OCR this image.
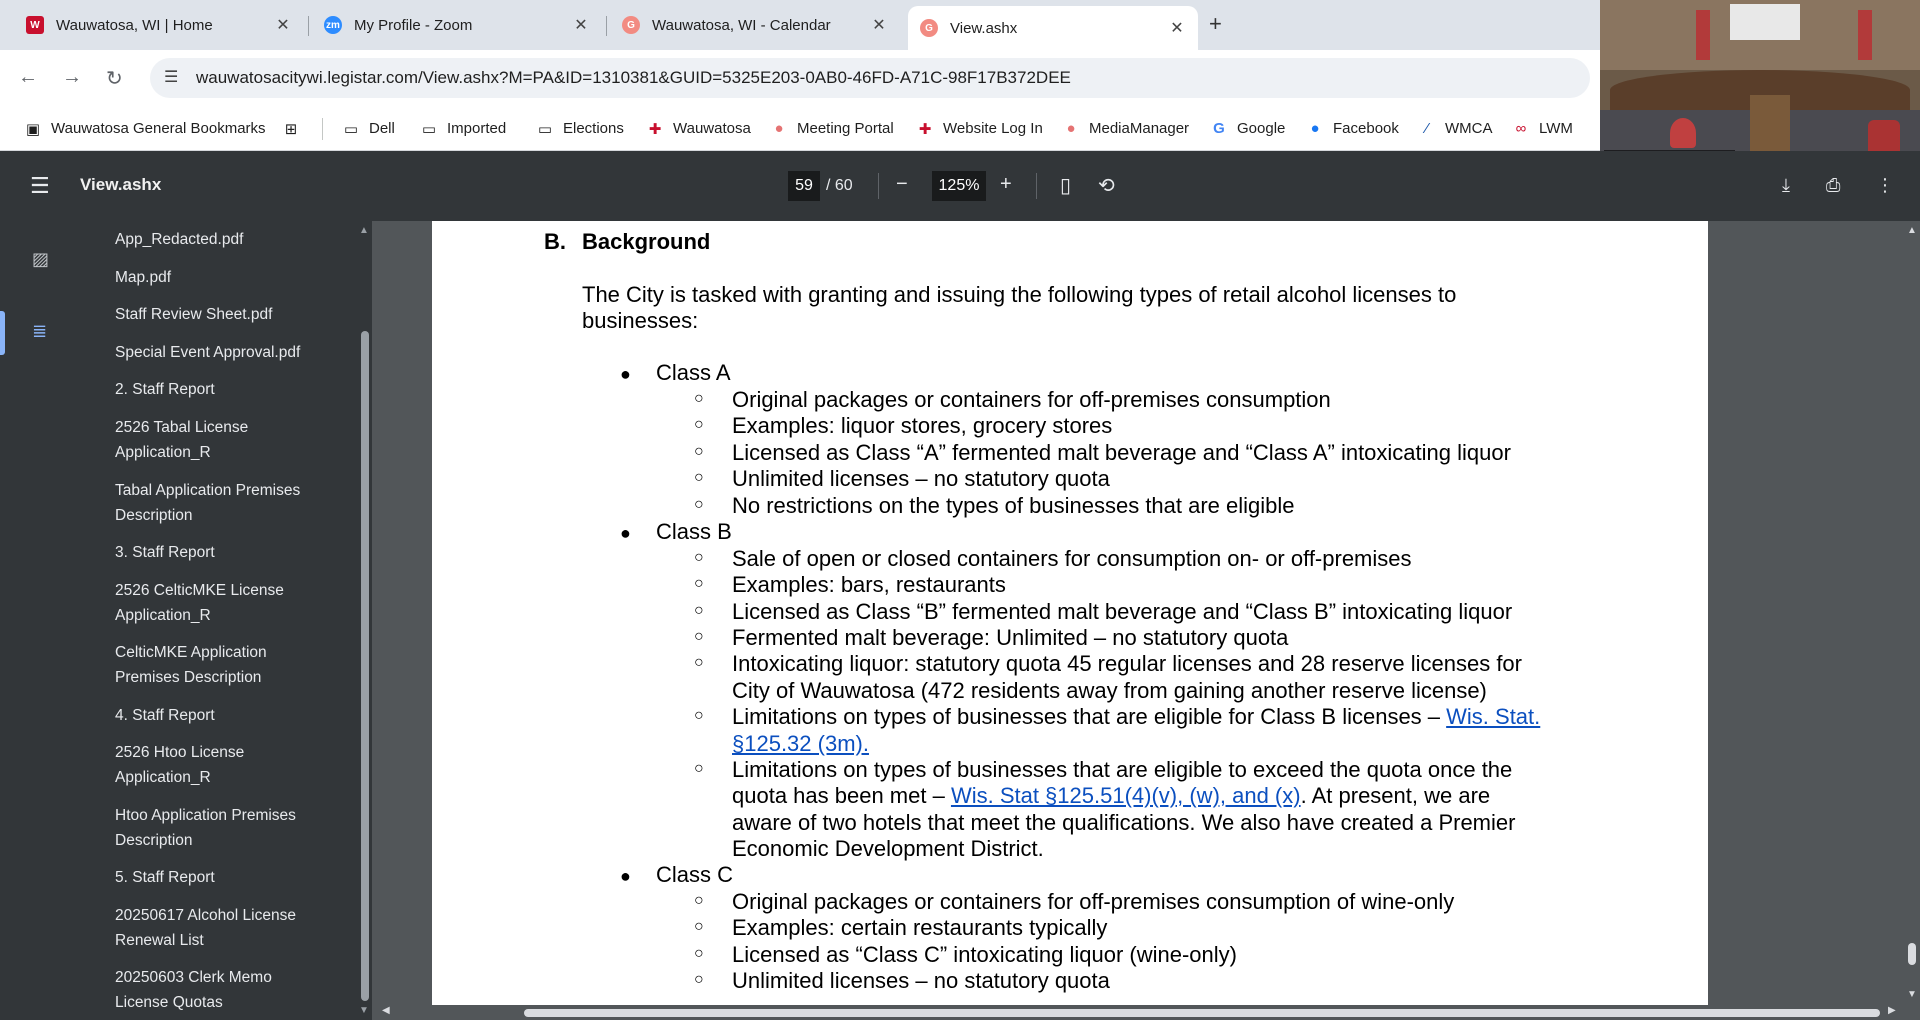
W Wauwatosa, WI | Home	✕	zm My Profile - Zoom	✕	G	Wauwatosa, WI - Calendar	✕	G	View.ashx	✕ +
← → ↻	☰ wauwatosacitywi.legistar.com/View.ashx?M=PA&ID=1310381&GUID=5325E203-0AB0-46FD-A71C-98F17B372DEE
▣ Wauwatosa General Bookmarks ⊞	▭ Dell ▭ Imported ▭ Elections ✚ Wauwatosa ● Meeting Portal ✚ Website Log In ● MediaManager G Google ● Facebook	⁄	WMCA ∞ LWM
☰ View.ashx	59 / 60 −	125%	+ ▯ ⟲	⤓ ⎙ ⋮
▨
≣
App_Redacted.pdf
Map.pdf
Staff Review Sheet.pdf
Special Event Approval.pdf
2. Staff Report
2526 Tabal License Application_R
Tabal Application Premises Description
3. Staff Report
2526 CelticMKE License Application_R
CelticMKE Application Premises Description
4. Staff Report
2526 Htoo License Application_R
Htoo Application Premises Description
5. Staff Report
20250617 Alcohol License Renewal List
20250603 Clerk Memo License Quotas
▲
▼
B. Background
The City is tasked with granting and issuing the following types of retail alcohol licenses to
businesses:
● Class A
○ Original packages or containers for off-premises consumption
○ Examples: liquor stores, grocery stores
○ Licensed as Class “A” fermented malt beverage and “Class A” intoxicating liquor
○ Unlimited licenses – no statutory quota
○ No restrictions on the types of businesses that are eligible
● Class B
○ Sale of open or closed containers for consumption on- or off-premises
○ Examples: bars, restaurants
○ Licensed as Class “B” fermented malt beverage and “Class B” intoxicating liquor
○ Fermented malt beverage: Unlimited – no statutory quota
○ Intoxicating liquor: statutory quota 45 regular licenses and 28 reserve licenses for
City of Wauwatosa (472 residents away from gaining another reserve license)
○ Limitations on types of businesses that are eligible for Class B licenses – Wis. Stat.
§125.32 (3m).
○ Limitations on types of businesses that are eligible to exceed the quota once the
quota has been met – Wis. Stat §125.51(4)(v), (w), and (x). At present, we are
aware of two hotels that meet the qualifications. We also have created a Premier
Economic Development District.
● Class C
○ Original packages or containers for off-premises consumption of wine-only
○ Examples: certain restaurants typically
○ Licensed as “Class C” intoxicating liquor (wine-only)
○ Unlimited licenses – no statutory quota
▲
▼
◀	▶
